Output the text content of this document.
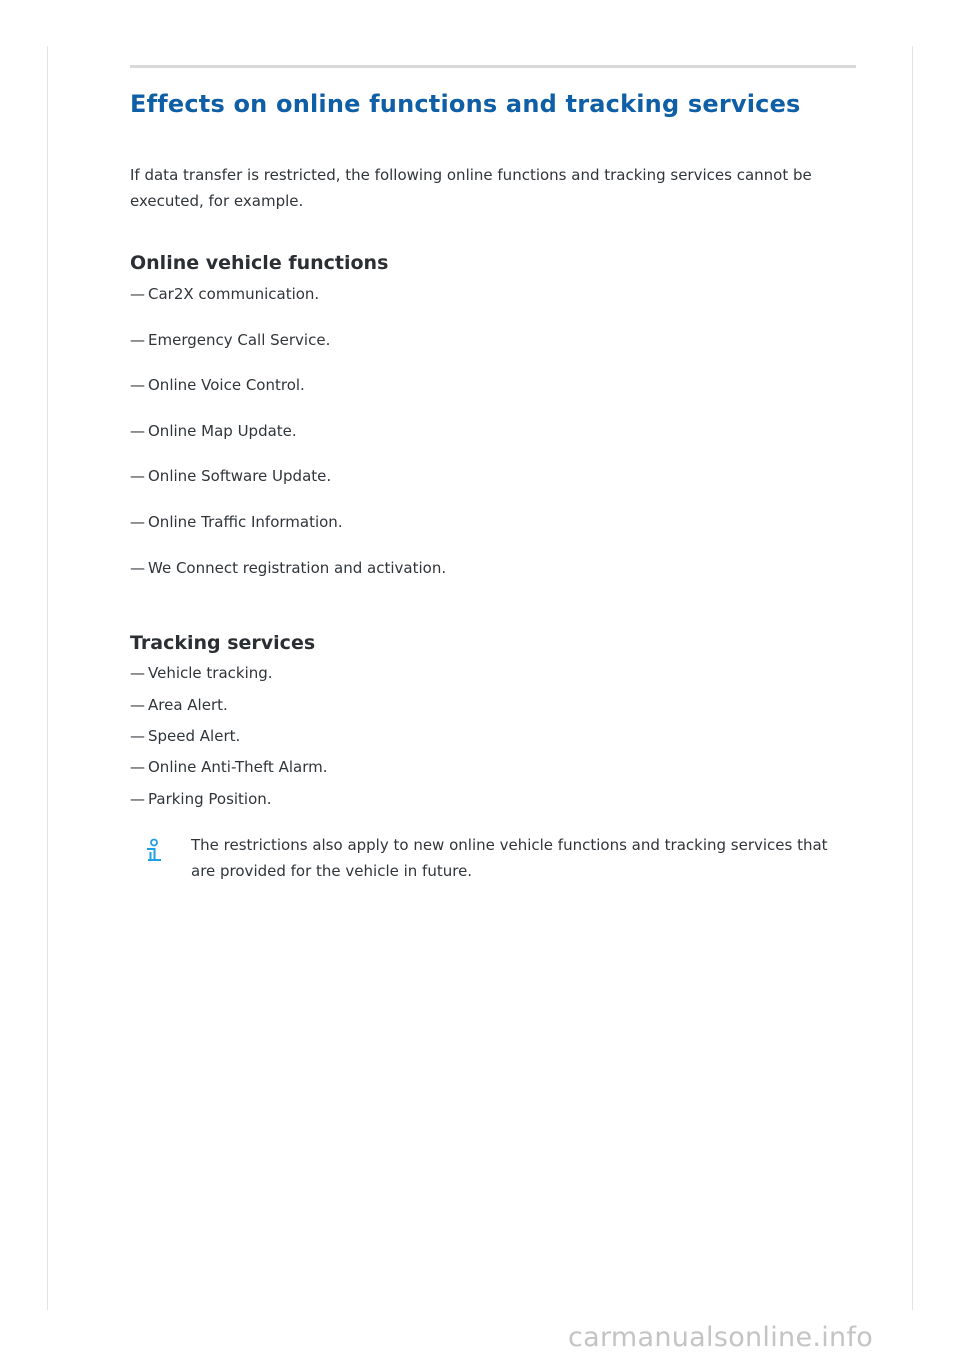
Effects on online functions and tracking services

If data transfer is restricted, the following online functions and tracking services cannot be executed, for example.

Online vehicle functions
— Car2X communication.
— Emergency Call Service.
— Online Voice Control.
— Online Map Update.
— Online Software Update.
— Online Traffic Information.
— We Connect registration and activation.
Tracking services
— Vehicle tracking.
— Area Alert.
— Speed Alert.
— Online Anti-Theft Alarm.
— Parking Position.

The restrictions also apply to new online vehicle functions and tracking services that are provided for the vehicle in future.

carmanualsonline.info
